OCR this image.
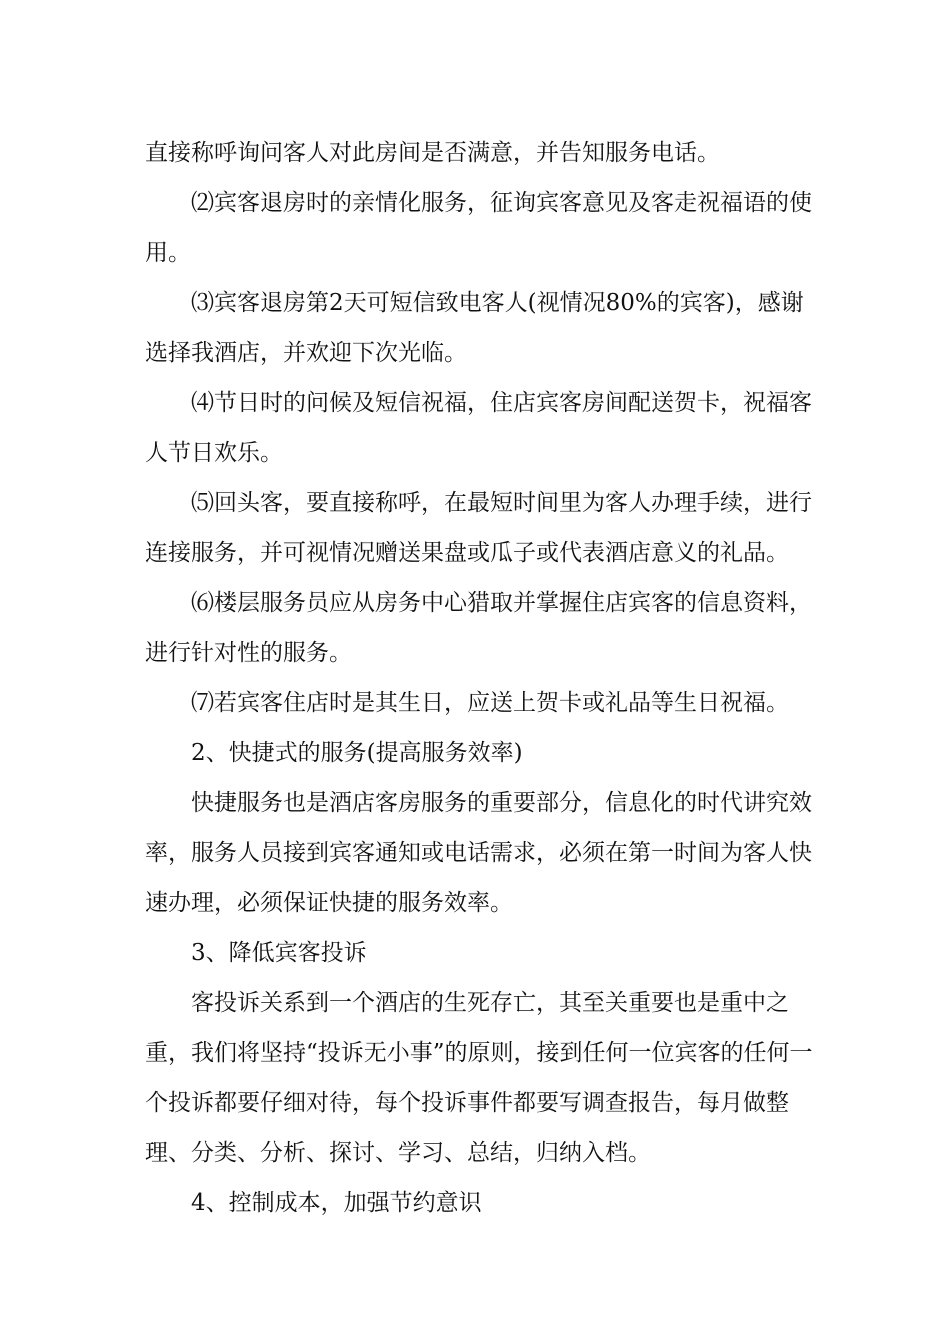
直接称呼询问客人对此房间是否满意，并告知服务电话。

⑵宾客退房时的亲情化服务，征询宾客意见及客走祝福语的使用。

⑶宾客退房第2天可短信致电客人(视情况80%的宾客)，感谢选择我酒店，并欢迎下次光临。

⑷节日时的问候及短信祝福，住店宾客房间配送贺卡，祝福客人节日欢乐。

⑸回头客，要直接称呼，在最短时间里为客人办理手续，进行连接服务，并可视情况赠送果盘或瓜子或代表酒店意义的礼品。

⑹楼层服务员应从房务中心猎取并掌握住店宾客的信息资料，进行针对性的服务。

⑺若宾客住店时是其生日，应送上贺卡或礼品等生日祝福。

2、快捷式的服务(提高服务效率)

快捷服务也是酒店客房服务的重要部分，信息化的时代讲究效率，服务人员接到宾客通知或电话需求，必须在第一时间为客人快速办理，必须保证快捷的服务效率。

3、降低宾客投诉

客投诉关系到一个酒店的生死存亡，其至关重要也是重中之重，我们将坚持“投诉无小事”的原则，接到任何一位宾客的任何一个投诉都要仔细对待，每个投诉事件都要写调查报告，每月做整理、分类、分析、探讨、学习、总结，归纳入档。

4、控制成本，加强节约意识
